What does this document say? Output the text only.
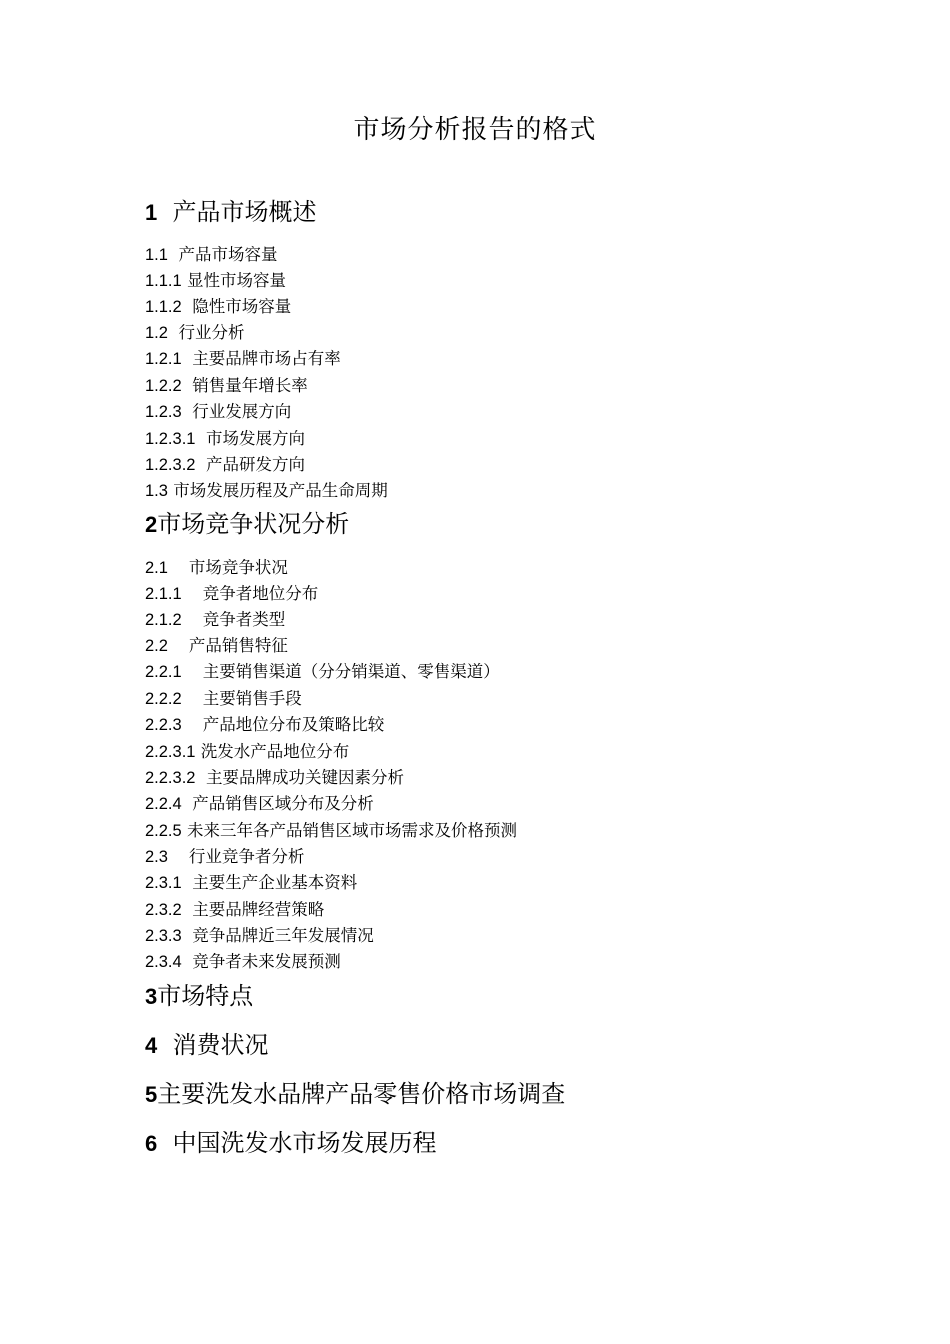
市场分析报告的格式
1 产品市场概述
1.1 产品市场容量
1.1.1 显性市场容量
1.1.2 隐性市场容量
1.2 行业分析
1.2.1 主要品牌市场占有率
1.2.2 销售量年增长率
1.2.3 行业发展方向
1.2.3.1 市场发展方向
1.2.3.2 产品研发方向
1.3 市场发展历程及产品生命周期
2市场竞争状况分析
2.1 市场竞争状况
2.1.1 竞争者地位分布
2.1.2 竞争者类型
2.2 产品销售特征
2.2.1 主要销售渠道（分分销渠道、零售渠道）
2.2.2 主要销售手段
2.2.3 产品地位分布及策略比较
2.2.3.1 洗发水产品地位分布
2.2.3.2 主要品牌成功关键因素分析
2.2.4 产品销售区域分布及分析
2.2.5 未来三年各产品销售区域市场需求及价格预测
2.3 行业竞争者分析
2.3.1 主要生产企业基本资料
2.3.2 主要品牌经营策略
2.3.3 竞争品牌近三年发展情况
2.3.4 竞争者未来发展预测
3市场特点
4 消费状况
5主要洗发水品牌产品零售价格市场调查
6 中国洗发水市场发展历程
